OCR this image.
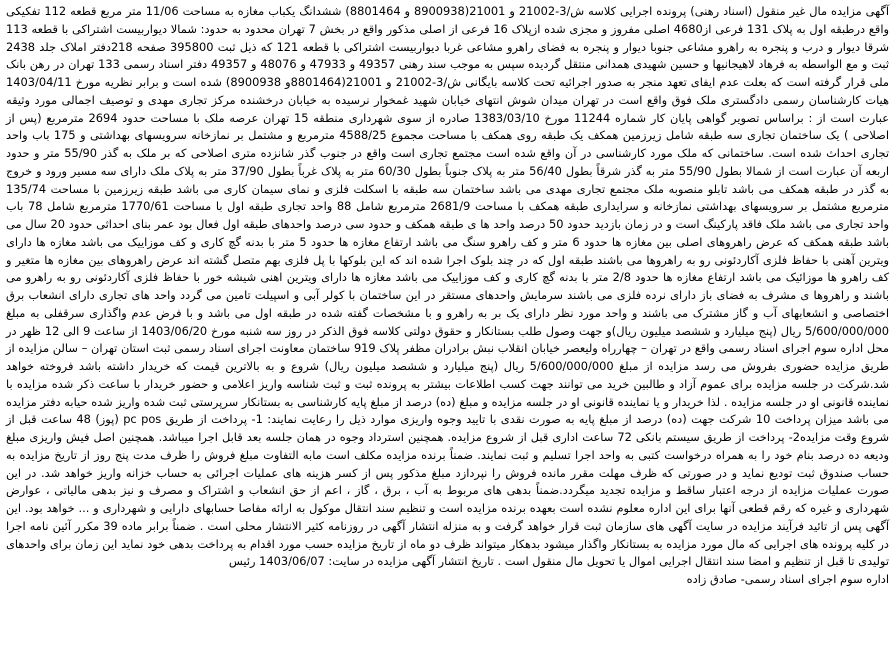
آگهی مزایده مال غیر منقول (اسناد رهنی) پرونده اجرایی کلاسه ش/3-21002 و 21001(8900938 و 8801464) ششدانگ یکباب مغازه به مساحت 11/06 متر مربع قطعه 112 تفکیکی واقع درطبقه اول به پلاک 131 فرعی از4680 اصلی مفروز و مجزی شده ازپلاک 16 فرعی از اصلی مذکور واقع در بخش 7 تهران محدود به حدود: شمالا دیواربیست اشتراکی با قطعه 113 شرقا دیوار و درب و پنجره به راهرو مشاعی جنوبا دیوار و پنجره به فضای راهرو مشاعی غربا دیواربیست اشتراکی با قطعه 121 که ذیل ثبت 395800 صفحه 218دفتر املاک جلد 2438 ثبت و مع الواسطه به فرهاد لاهیجانیها و حسین شهیدی همدانی منتقل گردیده سپس به موجب سند رهنی 49357 و 47933 و 48076 و 49357 دفتر اسناد رسمی 133 تهران در رهن بانک ملی قرار گرفته است که بعلت عدم ایفای تعهد منجر به صدور اجرائیه تحت کلاسه بایگانی ش/3-21002 و 21001(8801464و 8900938) شده است و برابر نظریه مورخ 1403/04/11 هیات کارشناسان رسمی دادگستری ملک فوق واقع است در تهران میدان شوش انتهای خیابان شهید غمخوار نرسیده به خیابان درخشنده مرکز تجاری مهدی و توصیف اجمالی مورد وثیقه عبارت است از : براساس تصویر گواهی پایان کار شماره 11244 مورخ 1383/03/10 صادره از سوی شهرداری منطقه 15 تهران عرصه ملک با مساحت حدود 2694 مترمربع (پس از اصلاحی ) یک ساختمان تجاری سه طبقه شامل زیرزمین همکف یک طبقه روی همکف با مساحت مجموع 4588/25 مترمربع و مشتمل بر نمازخانه سرویسهای بهداشتی و 175 باب واحد تجاری احداث شده است. ساختمانی که ملک مورد کارشناسی در آن واقع شده است مجتمع تجاری است واقع در جنوب گذر شانزده متری اصلاحی که بر ملک به گذر 55/90 متر و حدود اربعه آن عبارت است از شمالا بطول 55/90 متر به گذر شرقاً بطول 56/40 متر به پلاک جنوباً بطول 60/30 متر به پلاک غرباً بطول 37/90 متر به پلاک ملک دارای سه مسیر ورود و خروج به گذر در طبقه همکف می باشد تابلو منصوبه ملک مجتمع تجاری مهدی می باشد ساختمان سه طبقه با اسکلت فلزی و نمای سیمان کاری می باشد طبقه زیرزمین با مساحت 135/74 مترمربع مشتمل بر سرویسهای بهداشتی نمازخانه و سرایداری طبقه همکف با مساحت 2681/9 مترمربع شامل 88 واحد تجاری طبقه اول با مساحت 1770/61 مترمربع شامل 78 باب واحد تجاری می باشد ملک فاقد پارکینگ است و در زمان بازدید حدود 50 درصد واحد ها ی طبقه همکف و حدود سی درصد واحدهای طبقه اول فعال بود عمر بنای احداثی حدود 20 سال می باشد طبقه همکف که عرض راهروهای اصلی بین مغازه ها حدود 6 متر و کف راهرو سنگ می باشد ارتفاع مغازه ها حدود 5 متر با بدنه گچ کاری و کف موزاییک می باشد مغازه ها دارای ویترین آهنی با حفاظ فلزی آکاردئونی رو به راهروها می باشند طبقه اول که در چند بلوک اجرا شده اند که این بلوکها با پل فلزی بهم متصل گشته اند عرض راهروهای بین مغازه ها متغیر و کف راهرو ها موزائیک می باشد ارتفاع مغازه ها حدود 2/8 متر با بدنه گچ کاری و کف موزاییک می باشد مغازه ها دارای ویترین اهنی شیشه خور با حفاظ فلزی آکاردئونی رو به راهرو می باشند و راهروها ی مشرف به فضای باز دارای نرده فلزی می باشند سرمایش واحدهای مستقر در این ساختمان با کولر آبی و اسپیلت تامین می گردد واحد های تجاری دارای انشعاب برق اختصاصی و انشعابهای آب و گاز مشترک می باشند و واحد مورد نظر دارای یک بر به راهرو و با مشخصات گفته شده در طبقه اول می باشد و با فرض عدم واگذاری سرقفلی به مبلغ 5/600/000/000 ریال (پنج میلیارد و ششصد میلیون ریال)و جهت وصول طلب بستانکار و حقوق دولتی کلاسه فوق الذکر در روز سه شنبه مورخ 1403/06/20 از ساعت 9 الی 12 ظهر در محل اداره سوم اجرای اسناد رسمی واقع در تهران – چهارراه ولیعصر خیابان انقلاب نبش برادران مظفر پلاک 919 ساختمان معاونت اجرای اسناد رسمی ثبت استان تهران – سالن مزایده از طریق مزایده حضوری بفروش می رسد مزایده از مبلغ 5/600/000/000 ریال (پنج میلیارد و ششصد میلیون ریال) شروع و به بالاترین قیمت که خریدار داشته باشد فروخته خواهد شد.شرکت در جلسه مزایده برای عموم آزاد و طالبین خرید می توانند جهت کسب اطلاعات بیشتر به پرونده ثبت و ثبت شناسه واریز اعلامی و حضور خریدار با ساعت ذکر شده مزایده با نماینده قانونی او در جلسه مزایده . لذا خریدار و یا نماینده قانونی او در جلسه مزایده و مبلغ (ده) درصد از مبلغ پایه کارشناسی به بستانکار سرپرستی ثبت شده واریز شده حیابه دفتر مزایده می باشد میزان پرداخت 10 شرکت جهت (ده) درصد از مبلغ پایه به صورت نقدی با تایید وجوه واریزی موارد ذیل را رعایت نمایند: 1- پرداخت از طریق pc pos (پوز) 48 ساعت قبل از شروع وقت مزایده2- پرداخت از طریق سیستم بانکی 72 ساعت اداری قبل از شروع مزایده. همچنین استرداد وجوه در همان جلسه بعد قابل اجرا میباشد. همچنین اصل فیش واریزی مبلغ ودیعه ده درصد بنام خود را به همراه درخواست کتبی به واحد اجرا تسلیم و ثبت نمایند. ضمناً برنده مزایده مکلف است مابه التفاوت مبلغ فروش را ظرف مدت پنج روز از تاریخ مزایده به حساب صندوق ثبت تودیع نماید و در صورتی که ظرف مهلت مقرر مانده فروش را نپردازد مبلغ مذکور پس از کسر هزینه های عملیات اجرائی به حساب خزانه واریز خواهد شد. در این صورت عملیات مزایده از درجه اعتبار ساقط و مزایده تجدید میگردد.ضمناً بدهی های مربوط به آب ، برق ، گاز ، اعم از حق انشعاب و اشتراک و مصرف و نیز بدهی مالیاتی ، عوارض شهرداری و غیره که رقم قطعی آنها برای این اداره معلوم نشده است بعهده برنده مزایده است و تنظیم سند انتقال موکول به ارائه مفاصا حسابهای دارایی و شهرداری و ... خواهد بود. این آگهی پس از تائید فرآیند مزایده در سایت آگهی های سازمان ثبت قرار خواهد گرفت و به منزله انتشار آگهی در روزنامه کثیر الانتشار محلی است . ضمناً برابر ماده 39 مکرر آئین نامه اجرا در کلیه پرونده های اجرایی که مال مورد مزایده به بستانکار واگذار میشود بدهکار میتواند ظرف دو ماه از تاریخ مزایده حسب مورد اقدام به پرداخت بدهی خود نماید این زمان برای واحدهای تولیدی تا قبل از تنظیم و امضا سند انتقال اجرایی اموال یا تحویل مال منقول است . تاریخ انتشار آگهی مزایده در سایت: 1403/06/07 رئیس

اداره سوم اجرای اسناد رسمی- صادق زاده
